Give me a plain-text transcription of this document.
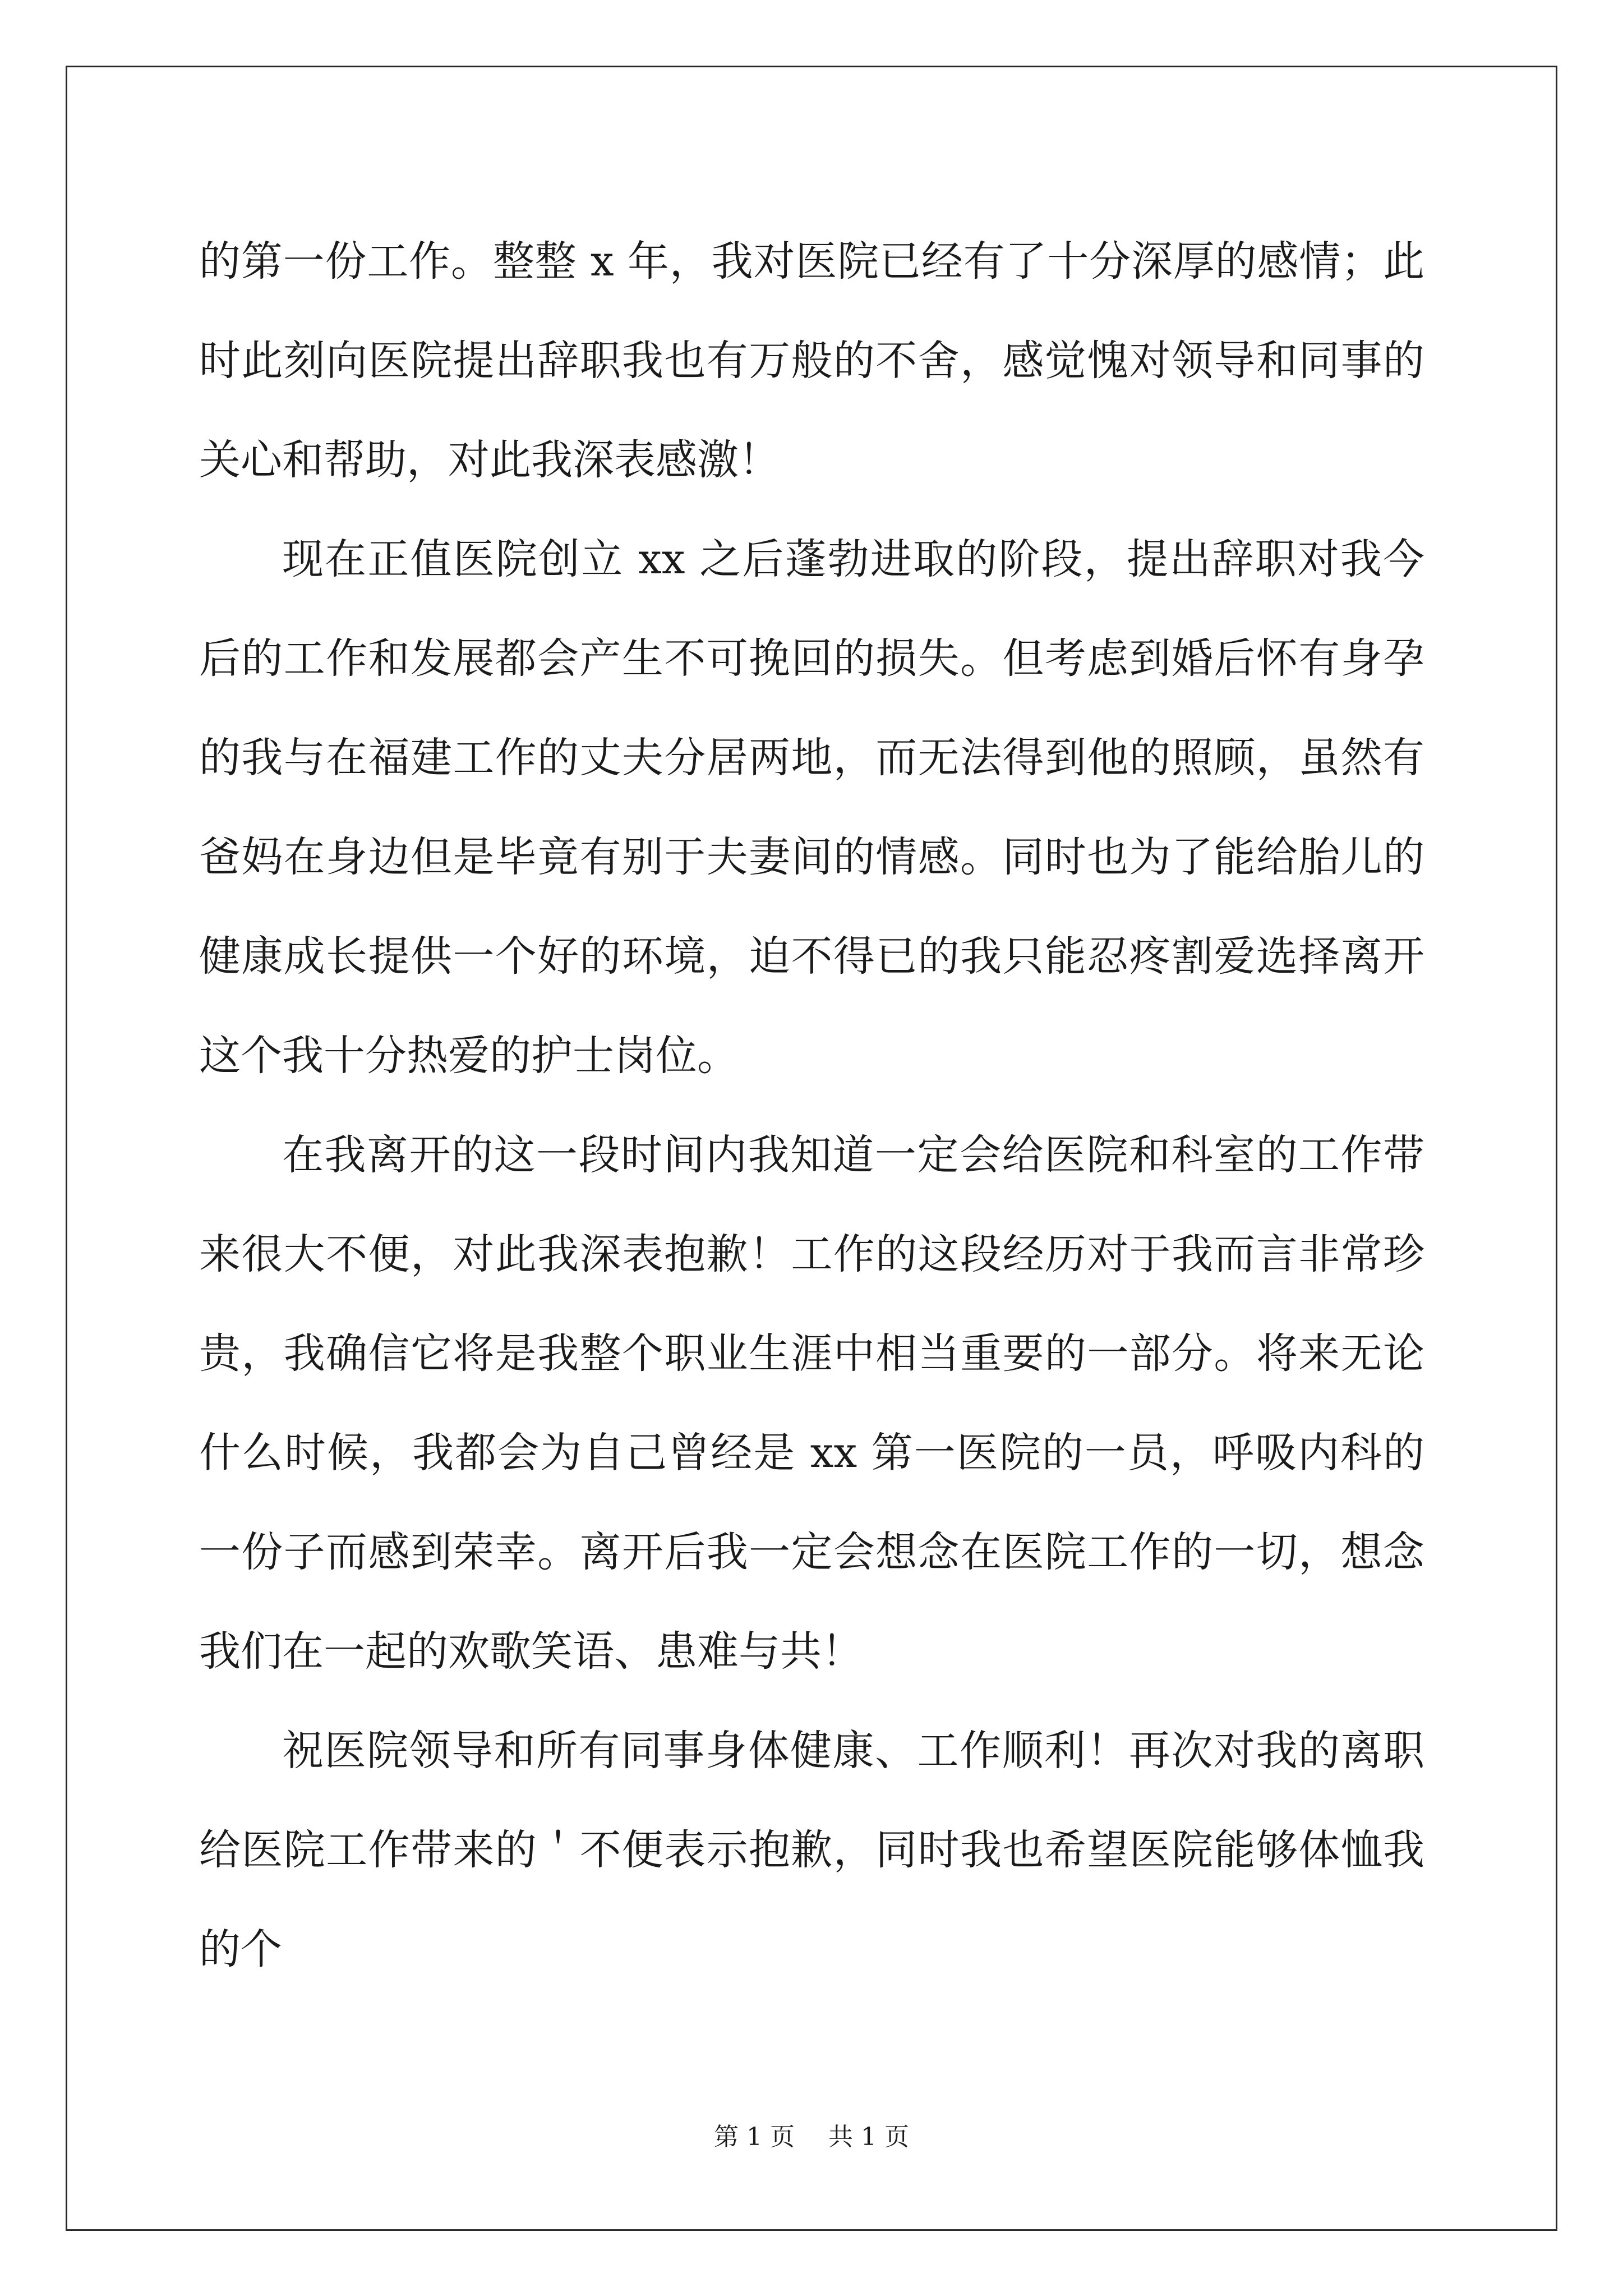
的第一份工作。整整 x 年，我对医院已经有了十分深厚的感情；此时此刻向医院提出辞职我也有万般的不舍，感觉愧对领导和同事的关心和帮助，对此我深表感激！

现在正值医院创立 xx 之后蓬勃进取的阶段，提出辞职对我今后的工作和发展都会产生不可挽回的损失。但考虑到婚后怀有身孕的我与在福建工作的丈夫分居两地，而无法得到他的照顾，虽然有爸妈在身边但是毕竟有别于夫妻间的情感。同时也为了能给胎儿的健康成长提供一个好的环境，迫不得已的我只能忍疼割爱选择离开这个我十分热爱的护士岗位。

在我离开的这一段时间内我知道一定会给医院和科室的工作带来很大不便，对此我深表抱歉！工作的这段经历对于我而言非常珍贵，我确信它将是我整个职业生涯中相当重要的一部分。将来无论什么时候，我都会为自己曾经是 xx 第一医院的一员，呼吸内科的一份子而感到荣幸。离开后我一定会想念在医院工作的一切，想念我们在一起的欢歌笑语、患难与共！

祝医院领导和所有同事身体健康、工作顺利！再次对我的离职给医院工作带来的＇不便表示抱歉，同时我也希望医院能够体恤我的个

第 1 页 共 1 页
